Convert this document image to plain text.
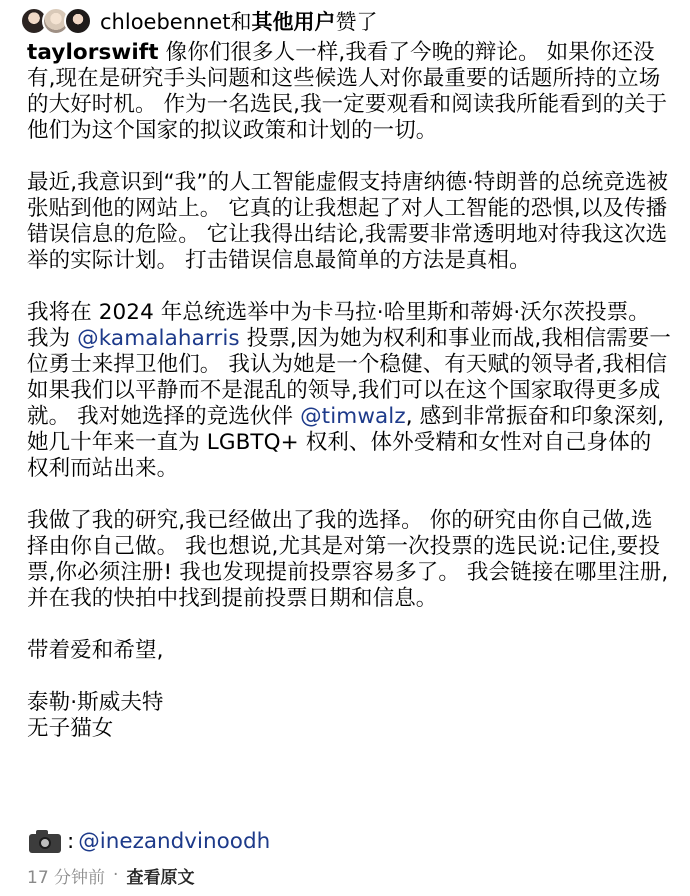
chloebennet和其他用户赞了

taylorswift 像你们很多人一样,我看了今晚的辩论。 如果你还没有,现在是研究手头问题和这些候选人对你最重要的话题所持的立场的大好时机。 作为一名选民,我一定要观看和阅读我所能看到的关于他们为这个国家的拟议政策和计划的一切。

最近,我意识到“我”的人工智能虚假支持唐纳德·特朗普的总统竞选被张贴到他的网站上。 它真的让我想起了对人工智能的恐惧,以及传播错误信息的危险。 它让我得出结论,我需要非常透明地对待我这次选举的实际计划。 打击错误信息最简单的方法是真相。

我将在 2024 年总统选举中为卡马拉·哈里斯和蒂姆·沃尔茨投票。 我为 @kamalaharris 投票,因为她为权利和事业而战,我相信需要一位勇士来捍卫他们。 我认为她是一个稳健、有天赋的领导者,我相信如果我们以平静而不是混乱的领导,我们可以在这个国家取得更多成就。 我对她选择的竞选伙伴 @timwalz, 感到非常振奋和印象深刻,她几十年来一直为 LGBTQ+ 权利、体外受精和女性对自己身体的权利而站出来。

我做了我的研究,我已经做出了我的选择。 你的研究由你自己做,选择由你自己做。 我也想说,尤其是对第一次投票的选民说:记住,要投票,你必须注册! 我也发现提前投票容易多了。 我会链接在哪里注册,并在我的快拍中找到提前投票日期和信息。

带着爱和希望,

泰勒·斯威夫特
无子猫女
: @inezandvinoodh
17 分钟前 · 查看原文
